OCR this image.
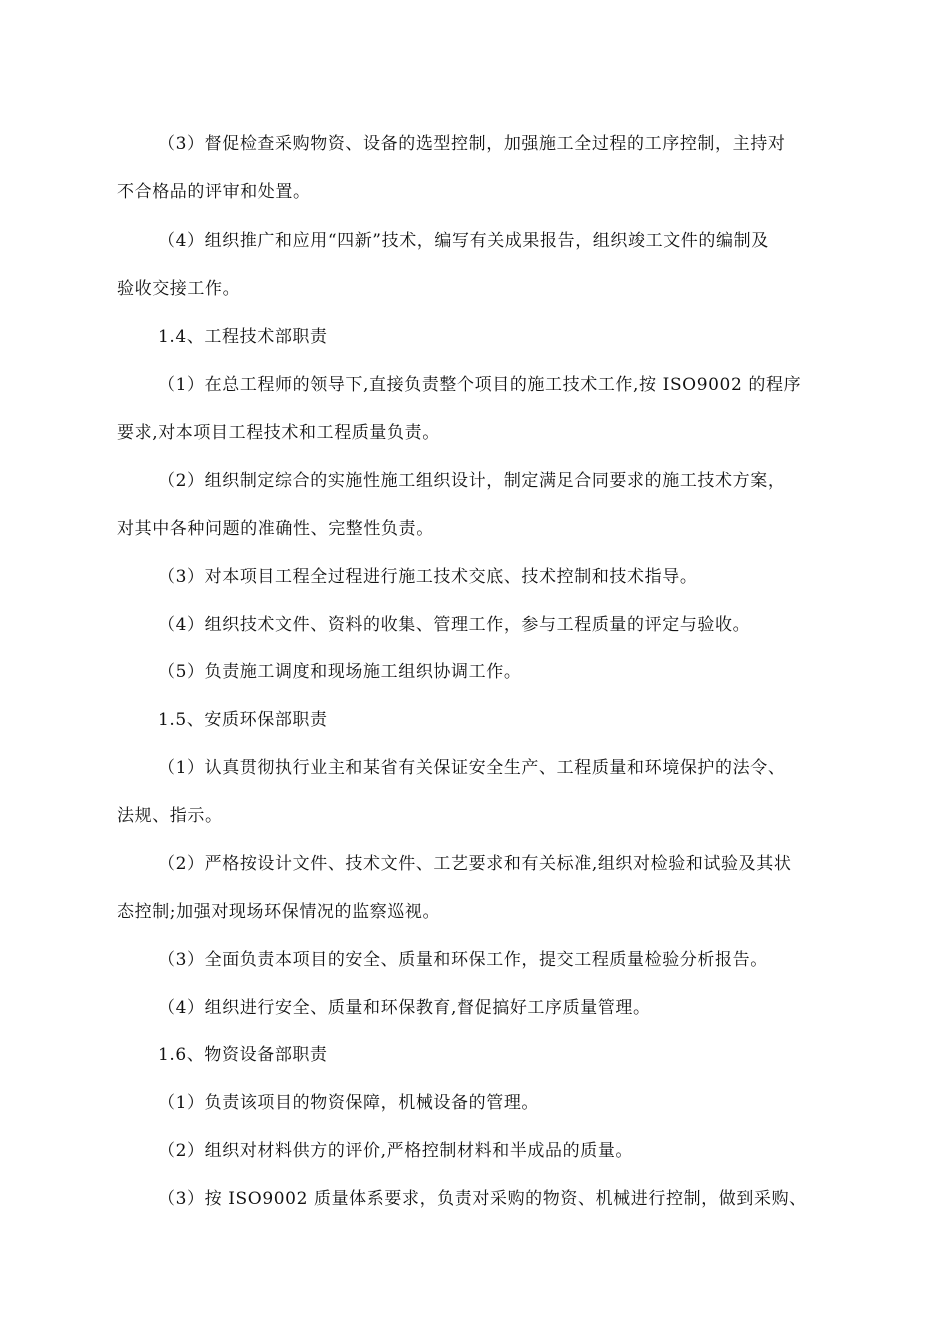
（3）督促检查采购物资、设备的选型控制，加强施工全过程的工序控制，主持对
不合格品的评审和处置。
（4）组织推广和应用“四新”技术，编写有关成果报告，组织竣工文件的编制及
验收交接工作。
1.4、工程技术部职责
（1）在总工程师的领导下,直接负责整个项目的施工技术工作,按 ISO9002 的程序
要求,对本项目工程技术和工程质量负责。
（2）组织制定综合的实施性施工组织设计，制定满足合同要求的施工技术方案，
对其中各种问题的准确性、完整性负责。
（3）对本项目工程全过程进行施工技术交底、技术控制和技术指导。
（4）组织技术文件、资料的收集、管理工作，参与工程质量的评定与验收。
（5）负责施工调度和现场施工组织协调工作。
1.5、安质环保部职责
（1）认真贯彻执行业主和某省有关保证安全生产、工程质量和环境保护的法令、
法规、指示。
（2）严格按设计文件、技术文件、工艺要求和有关标准,组织对检验和试验及其状
态控制;加强对现场环保情况的监察巡视。
（3）全面负责本项目的安全、质量和环保工作，提交工程质量检验分析报告。
（4）组织进行安全、质量和环保教育,督促搞好工序质量管理。
1.6、物资设备部职责
（1）负责该项目的物资保障，机械设备的管理。
（2）组织对材料供方的评价,严格控制材料和半成品的质量。
（3）按 ISO9002 质量体系要求，负责对采购的物资、机械进行控制，做到采购、
